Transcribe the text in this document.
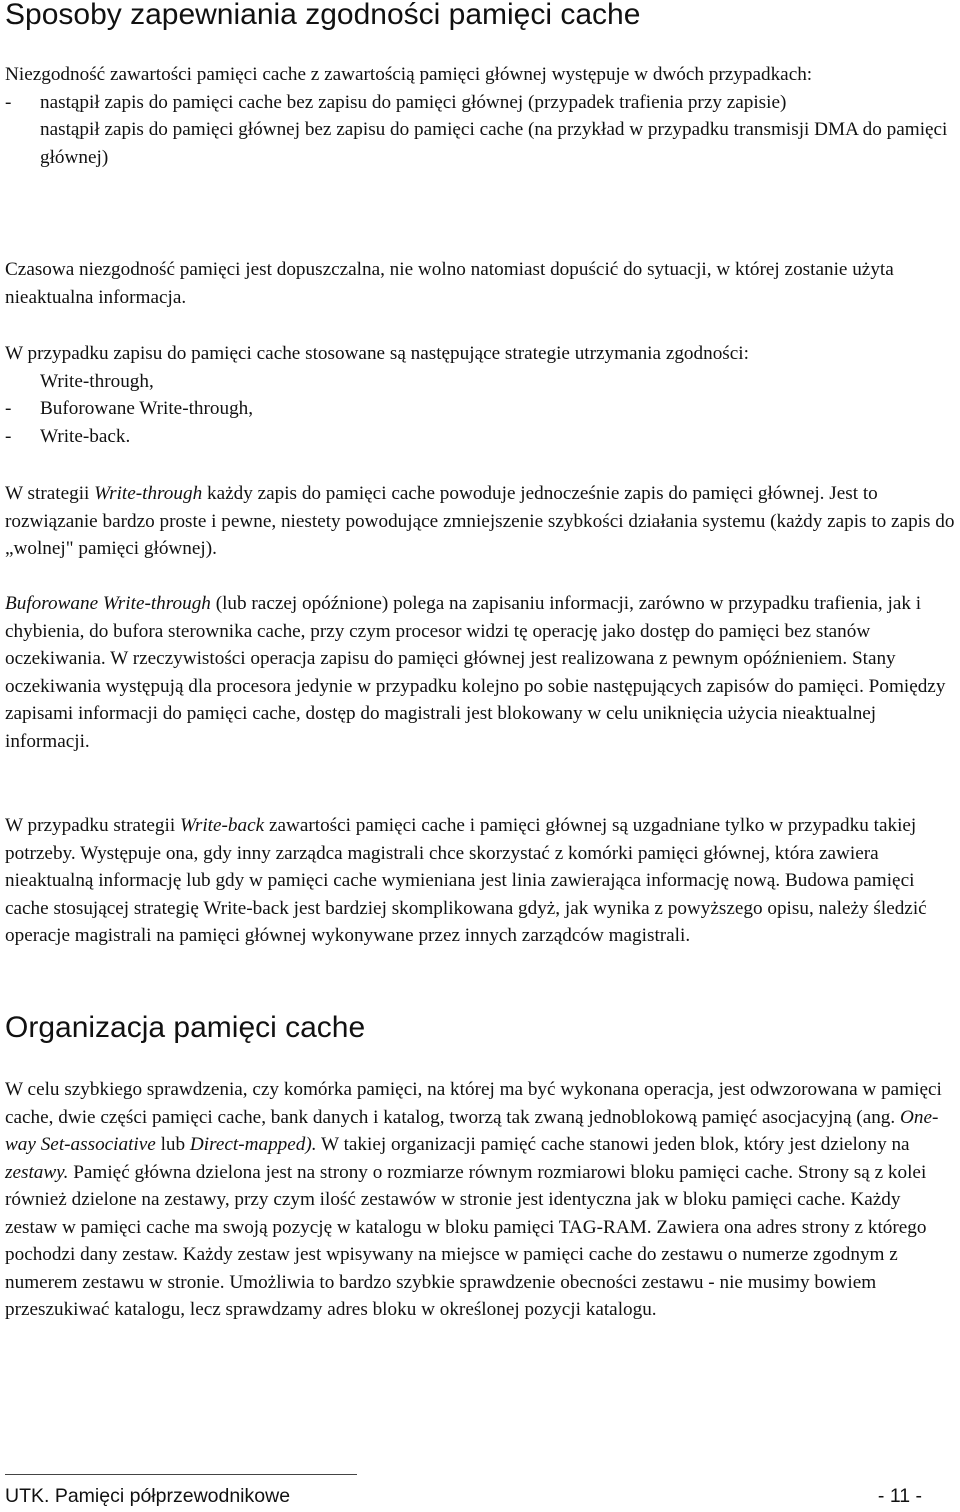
Sposoby zapewniania zgodności pamięci cache

Niezgodność zawartości pamięci cache z zawartością pamięci głównej występuje w dwóch przypadkach:

-	nastąpił zapis do pamięci cache bez zapisu do pamięci głównej (przypadek trafienia przy zapisie)
nastąpił zapis do pamięci głównej bez zapisu do pamięci cache (na przykład w przypadku transmisji DMA do pamięci głównej)

Czasowa niezgodność pamięci jest dopuszczalna, nie wolno natomiast dopuścić do sytuacji, w której zostanie użyta nieaktualna informacja.

W przypadku zapisu do pamięci cache stosowane są następujące strategie utrzymania zgodności:

Write-through,
-	Buforowane Write-through,
-	Write-back.

W strategii Write-through każdy zapis do pamięci cache powoduje jednocześnie zapis do pamięci głównej. Jest to rozwiązanie bardzo proste i pewne, niestety powodujące zmniejszenie szybkości działania systemu (każdy zapis to zapis do „wolnej" pamięci głównej).

Buforowane Write-through (lub raczej opóźnione) polega na zapisaniu informacji, zarówno w przypadku trafienia, jak i chybienia, do bufora sterownika cache, przy czym procesor widzi tę operację jako dostęp do pamięci bez stanów oczekiwania. W rzeczywistości operacja zapisu do pamięci głównej jest realizowana z pewnym opóźnieniem. Stany oczekiwania występują dla procesora jedynie w przypadku kolejno po sobie następujących zapisów do pamięci. Pomiędzy zapisami informacji do pamięci cache, dostęp do magistrali jest blokowany w celu uniknięcia użycia nieaktualnej informacji.

W przypadku strategii Write-back zawartości pamięci cache i pamięci głównej są uzgadniane tylko w przypadku takiej potrzeby. Występuje ona, gdy inny zarządca magistrali chce skorzystać z komórki pamięci głównej, która zawiera nieaktualną informację lub gdy w pamięci cache wymieniana jest linia zawierająca informację nową. Budowa pamięci cache stosującej strategię Write-back jest bardziej skomplikowana gdyż, jak wynika z powyższego opisu, należy śledzić operacje magistrali na pamięci głównej wykonywane przez innych zarządców magistrali.

Organizacja pamięci cache

W celu szybkiego sprawdzenia, czy komórka pamięci, na której ma być wykonana operacja, jest odwzorowana w pamięci cache, dwie części pamięci cache, bank danych i katalog, tworzą tak zwaną jednoblokową pamięć asocjacyjną (ang. One-way Set-associative lub Direct-mapped). W takiej organizacji pamięć cache stanowi jeden blok, który jest dzielony na zestawy. Pamięć główna dzielona jest na strony o rozmiarze równym rozmiarowi bloku pamięci cache. Strony są z kolei również dzielone na zestawy, przy czym ilość zestawów w stronie jest identyczna jak w bloku pamięci cache. Każdy zestaw w pamięci cache ma swoją pozycję w katalogu w bloku pamięci TAG-RAM. Zawiera ona adres strony z którego pochodzi dany zestaw. Każdy zestaw jest wpisywany na miejsce w pamięci cache do zestawu o numerze zgodnym z numerem zestawu w stronie. Umożliwia to bardzo szybkie sprawdzenie obecności zestawu - nie musimy bowiem przeszukiwać katalogu, lecz sprawdzamy adres bloku w określonej pozycji katalogu.

UTK. Pamięci półprzewodnikowe	- 11 -
